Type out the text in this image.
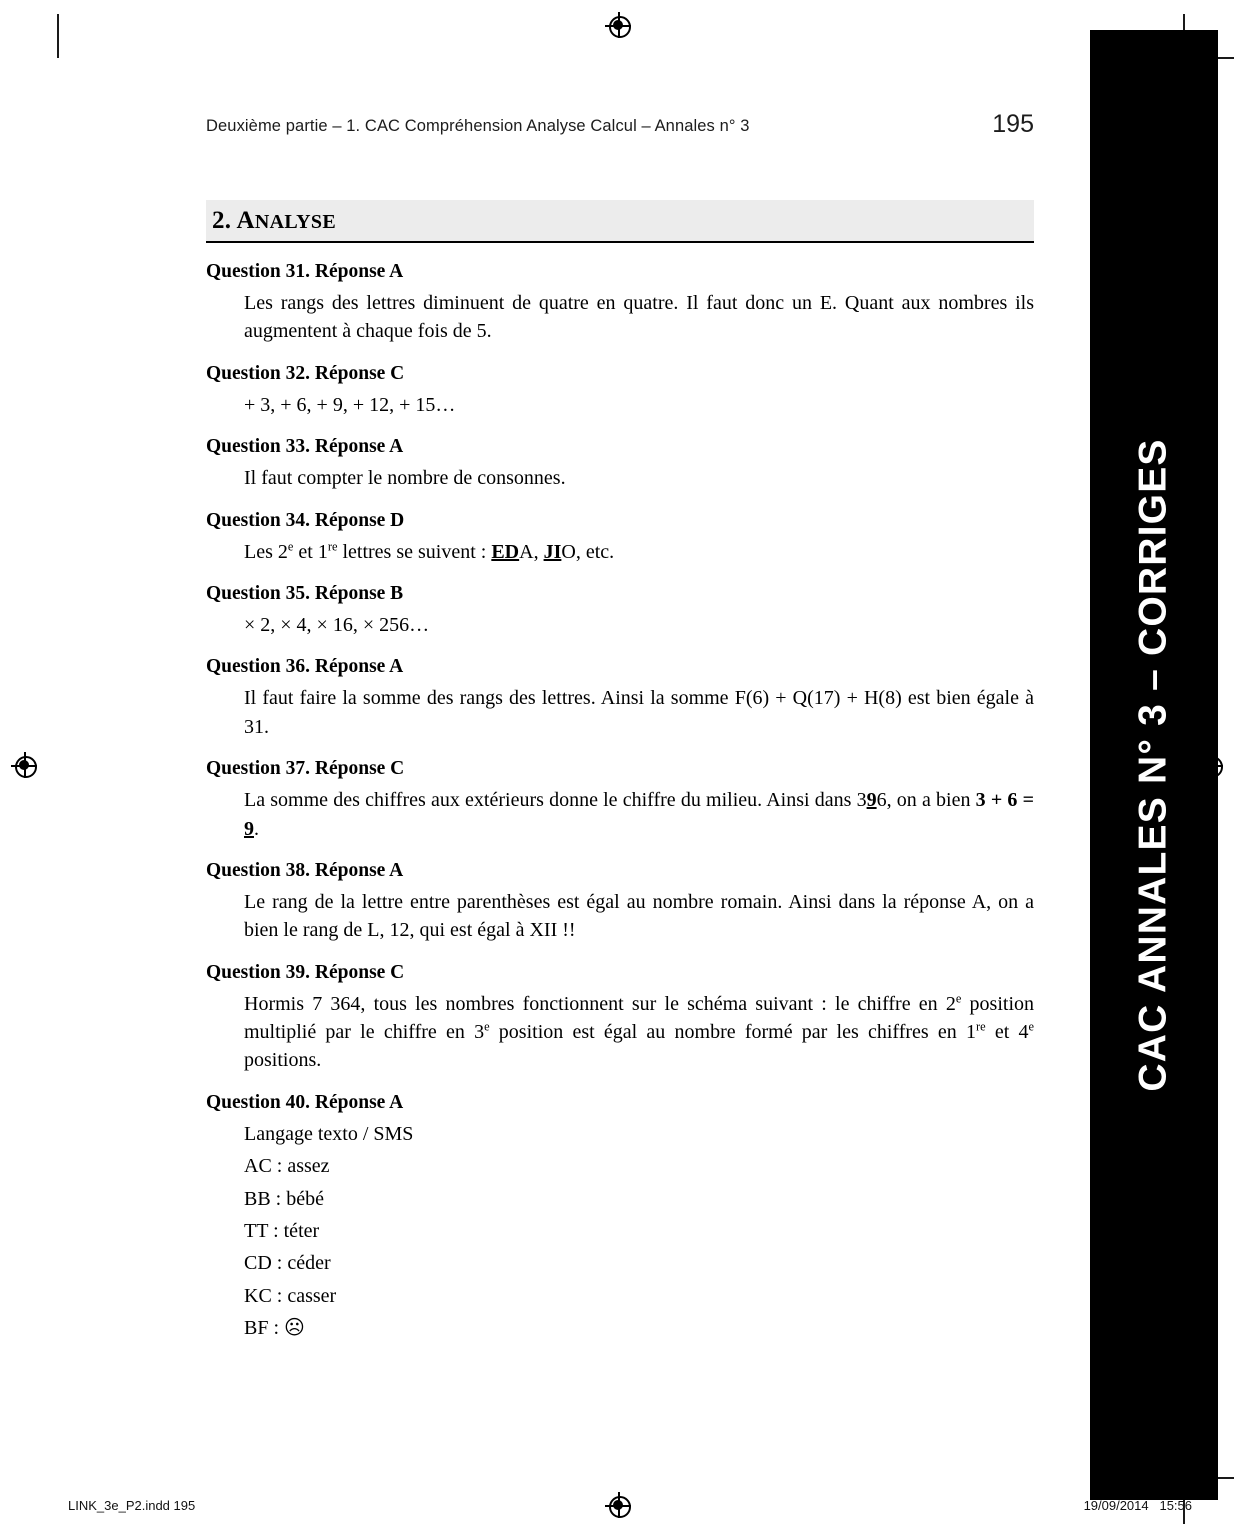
Deuxième partie – 1. CAC Compréhension Analyse Calcul – Annales n° 3	195
2. ANALYSE
Question 31. Réponse A

Les rangs des lettres diminuent de quatre en quatre. Il faut donc un E. Quant aux nombres ils augmentent à chaque fois de 5.

Question 32. Réponse C

+ 3, + 6, + 9, + 12, + 15…

Question 33. Réponse A

Il faut compter le nombre de consonnes.

Question 34. Réponse D

Les 2e et 1re lettres se suivent : EDA, JIO, etc.

Question 35. Réponse B

× 2, × 4, × 16, × 256…

Question 36. Réponse A

Il faut faire la somme des rangs des lettres. Ainsi la somme F(6) + Q(17) + H(8) est bien égale à 31.

Question 37. Réponse C

La somme des chiffres aux extérieurs donne le chiffre du milieu. Ainsi dans 396, on a bien 3 + 6 = 9.

Question 38. Réponse A

Le rang de la lettre entre parenthèses est égal au nombre romain. Ainsi dans la réponse A, on a bien le rang de L, 12, qui est égal à XII !!

Question 39. Réponse C

Hormis 7 364, tous les nombres fonctionnent sur le schéma suivant : le chiffre en 2e position multiplié par le chiffre en 3e position est égal au nombre formé par les chiffres en 1re et 4e positions.

Question 40. Réponse A

Langage texto / SMS

AC : assez
BB : bébé
TT : téter
CD : céder
KC : casser
BF : ☹
CAC ANNALES N° 3 – CORRIGES
LINK_3e_P2.indd 195	19/09/2014   15:56
